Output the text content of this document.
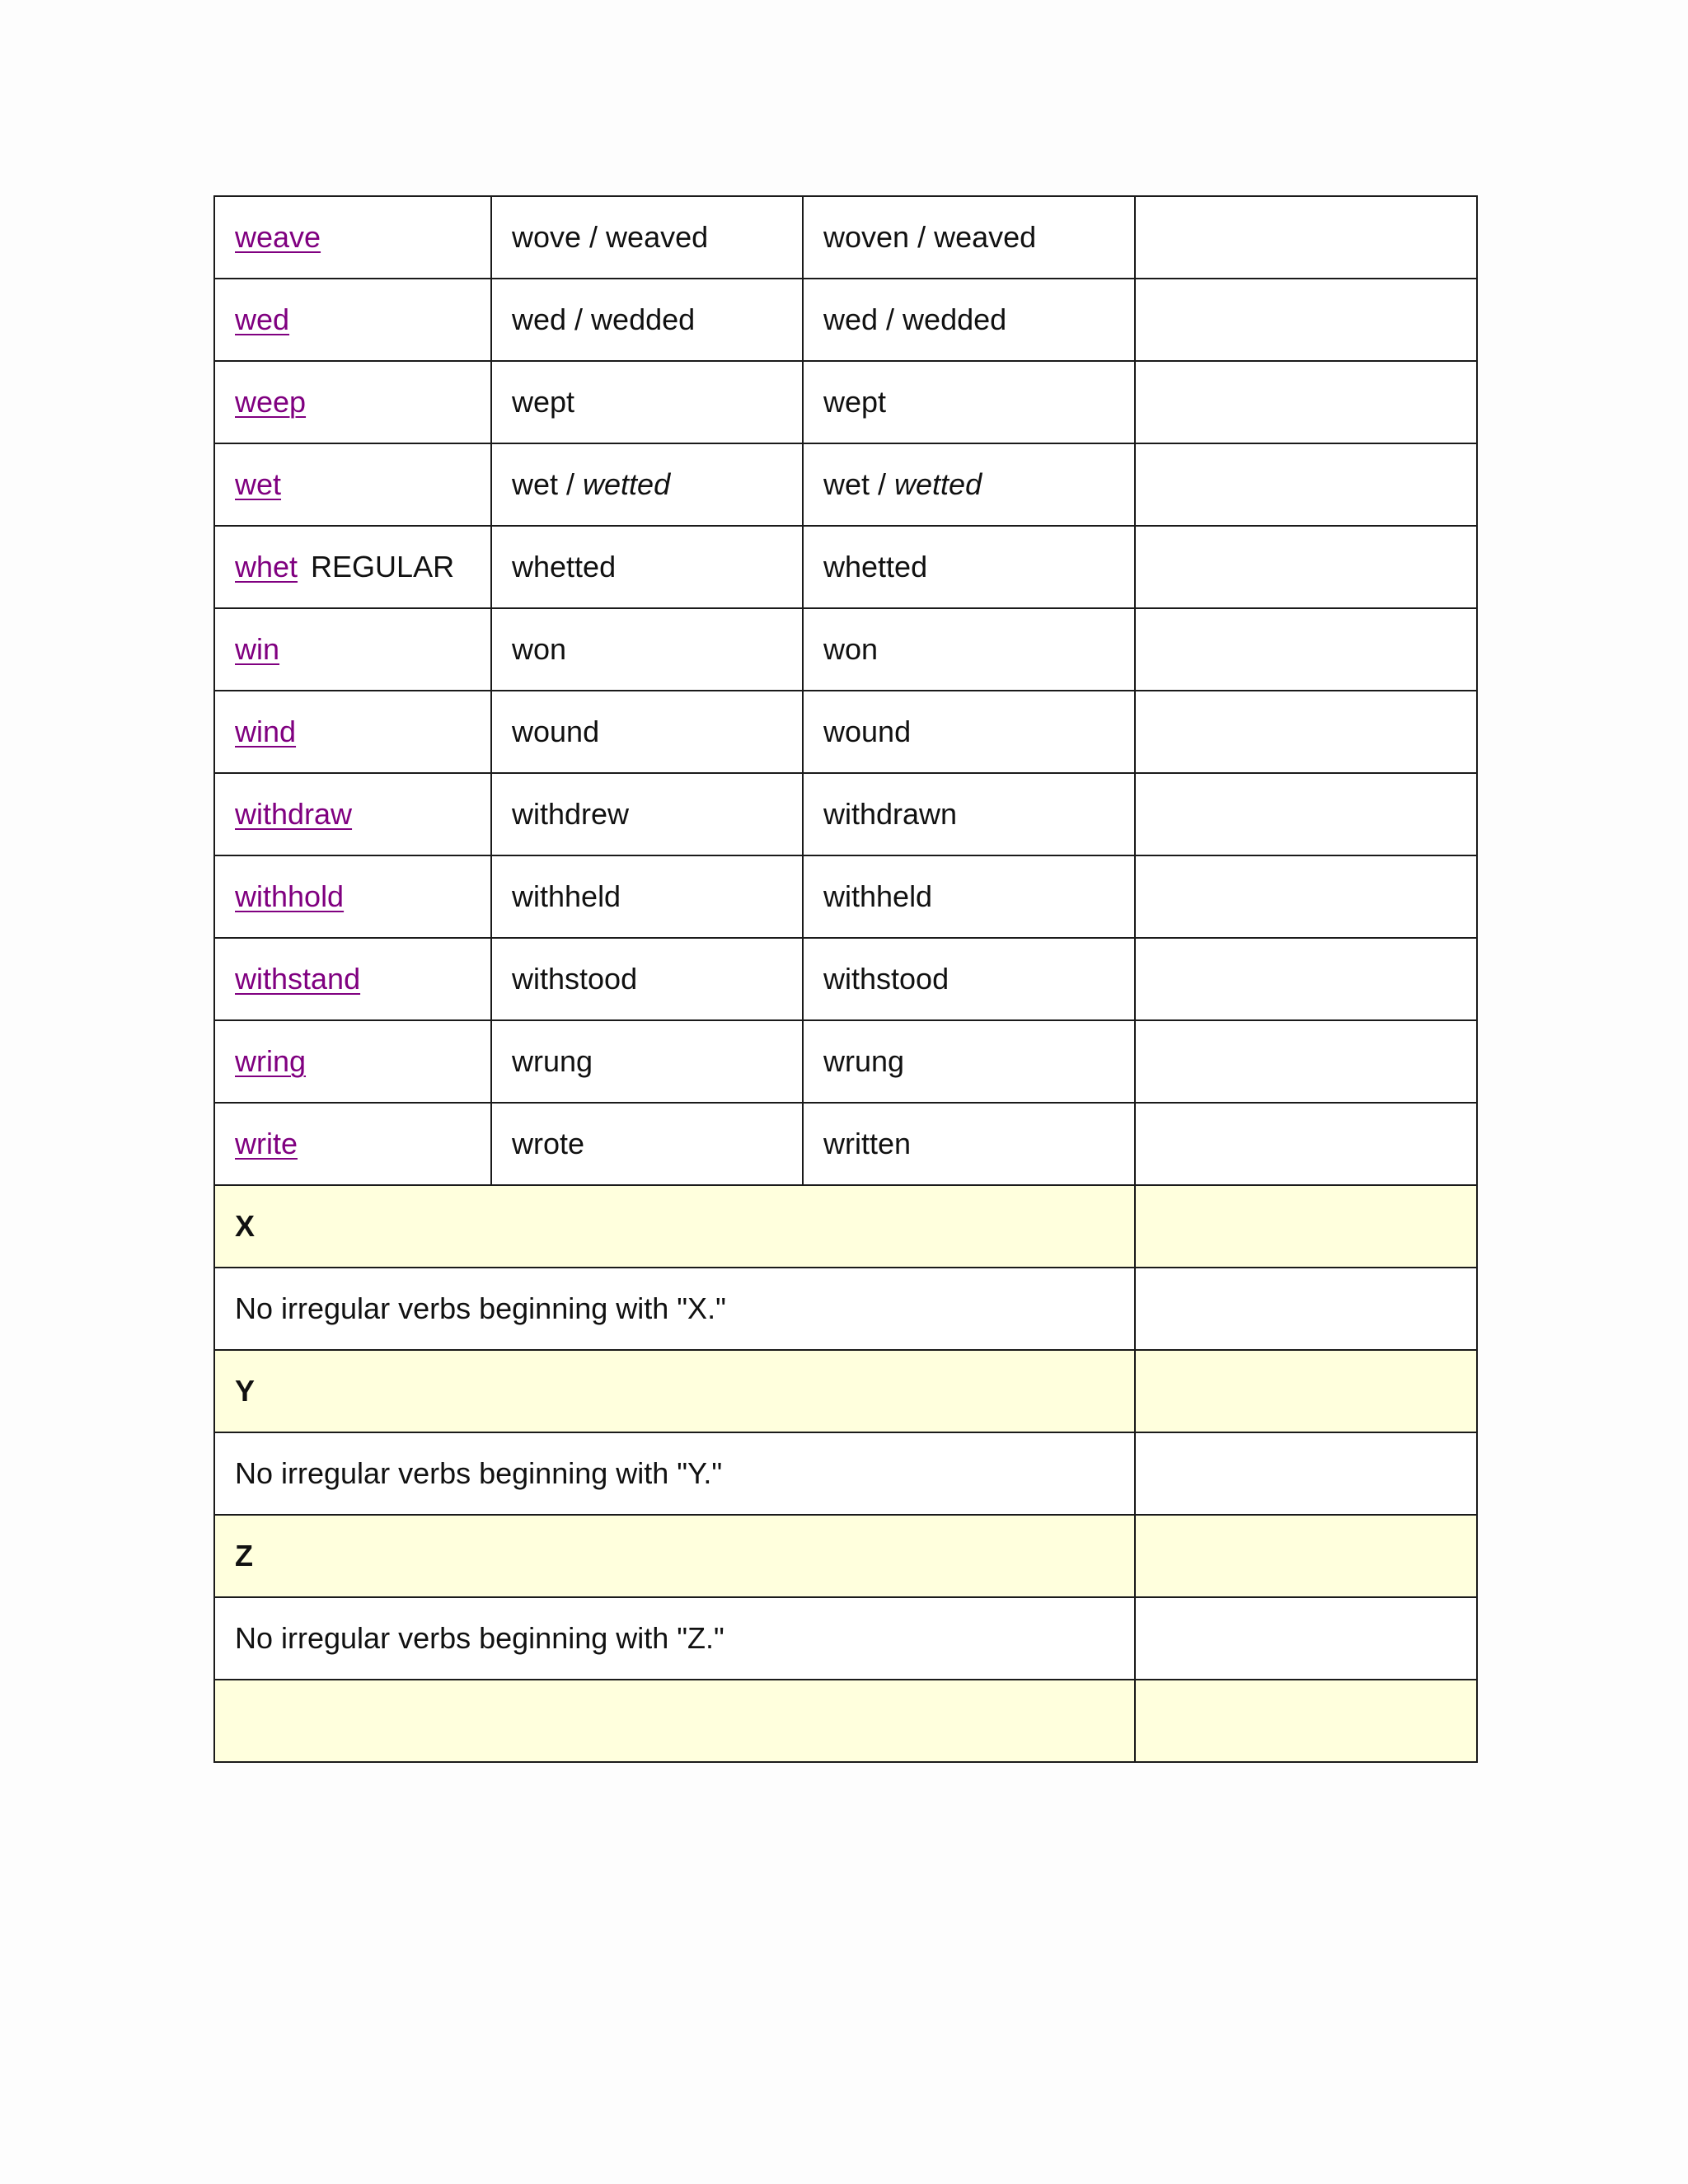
weave	wove / weaved	woven / weaved	
wed	wed / wedded	wed / wedded	
weep	wept	wept	
wet	wet / wetted	wet / wetted	
whet REGULAR	whetted	whetted	
win	won	won	
wind	wound	wound	
withdraw	withdrew	withdrawn	
withhold	withheld	withheld	
withstand	withstood	withstood	
wring	wrung	wrung	
write	wrote	written	
X			
No irregular verbs beginning with "X."			
Y			
No irregular verbs beginning with "Y."			
Z			
No irregular verbs beginning with "Z."			
